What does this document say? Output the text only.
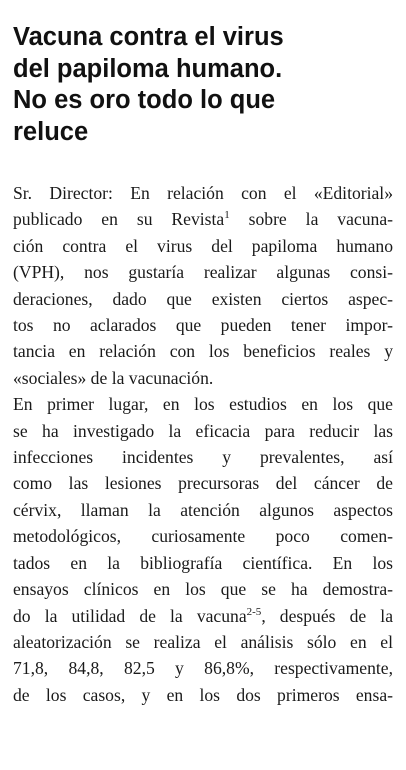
Vacuna contra el virus
del papiloma humano.
No es oro todo lo que
reluce
Sr. Director: En relación con el «Editorial»
publicado en su Revista$^1$ sobre la vacuna-
ción contra el virus del papiloma humano
(VPH), nos gustaría realizar algunas consi-
deraciones, dado que existen ciertos aspec-
tos no aclarados que pueden tener impor-
tancia en relación con los beneficios reales y
«sociales» de la vacunación.
En primer lugar, en los estudios en los que
se ha investigado la eficacia para reducir las
infecciones incidentes y prevalentes, así
como las lesiones precursoras del cáncer de
cérvix, llaman la atención algunos aspectos
metodológicos, curiosamente poco comen-
tados en la bibliografía científica. En los
ensayos clínicos en los que se ha demostra-
do la utilidad de la vacuna$^{2-5}$, después de la
aleatorización se realiza el análisis sólo en el
71,8, 84,8, 82,5 y 86,8%, respectivamente,
de los casos, y en los dos primeros ensa-
